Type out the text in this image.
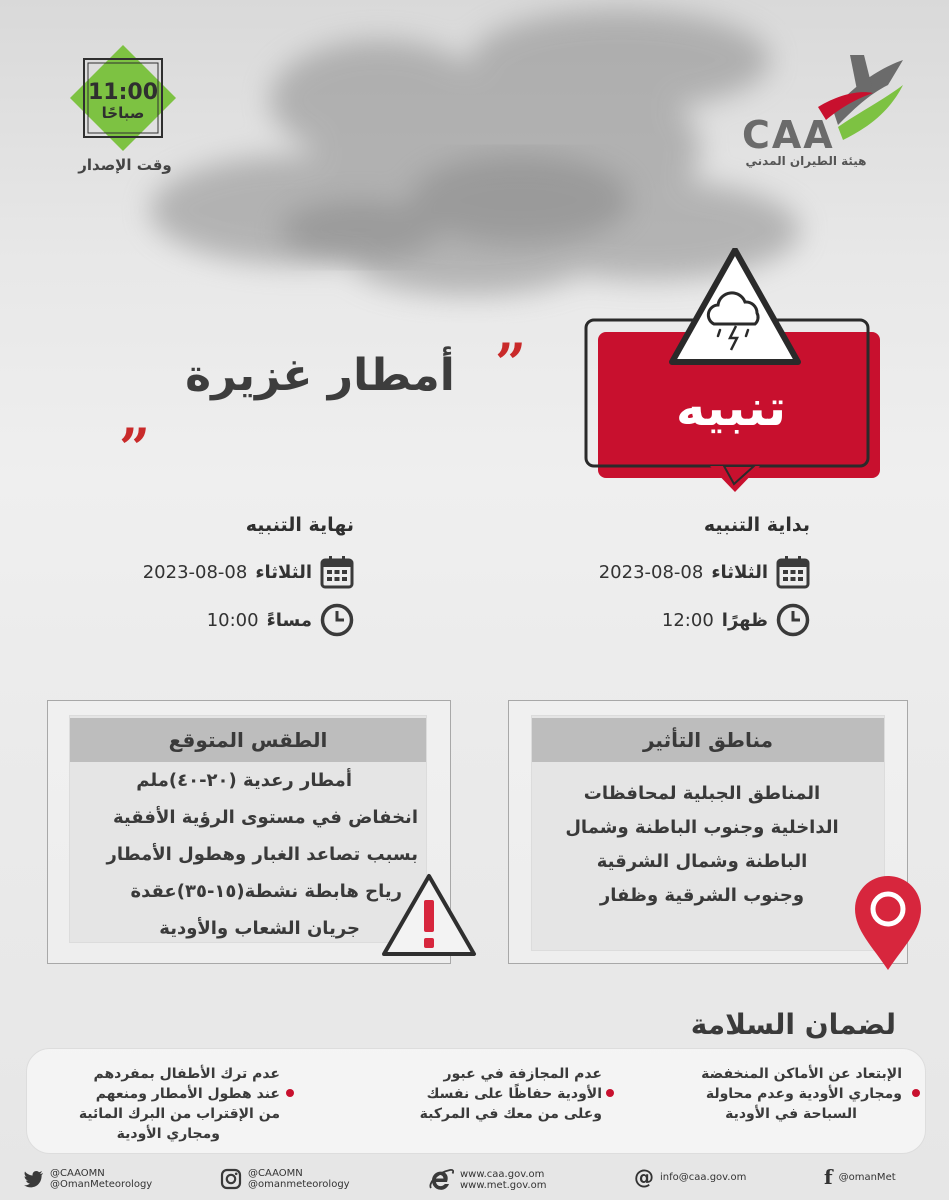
11:00
صباحًا
وقت الإصدار
CAA
هيئة الطيران المدني
تنبيه
أمطار غزيرة
„
„
بداية التنبيه
الثلاثاء
2023-08-08
ظهرًا
12:00
نهاية التنبيه
الثلاثاء
2023-08-08
مساءً
10:00
مناطق التأثير
المناطق الجبلية لمحافظات
الداخلية وجنوب الباطنة وشمال
الباطنة وشمال الشرقية
وجنوب الشرقية وظفار
الطقس المتوقع
أمطار رعدية (٢٠-٤٠)ملم
انخفاض في مستوى الرؤية الأفقية
بسبب تصاعد الغبار وهطول الأمطار
رياح هابطة نشطة(١٥-٣٥)عقدة
جريان الشعاب والأودية
لضمان السلامة
الإبتعاد عن الأماكن المنخفضة
ومجاري الأودية وعدم محاولة
السباحة في الأودية
عدم المجازفة في عبور
الأودية حفاظًا على نفسك
وعلى من معك في المركبة
عدم ترك الأطفال بمفردهم
عند هطول الأمطار ومنعهم
من الإقتراب من البرك المائية
ومجاري الأودية
@CAAOMN
@OmanMeteorology
@CAAOMN
@omanmeteorology
www.caa.gov.om
www.met.gov.om	@ info@caa.gov.om	f @omanMet
